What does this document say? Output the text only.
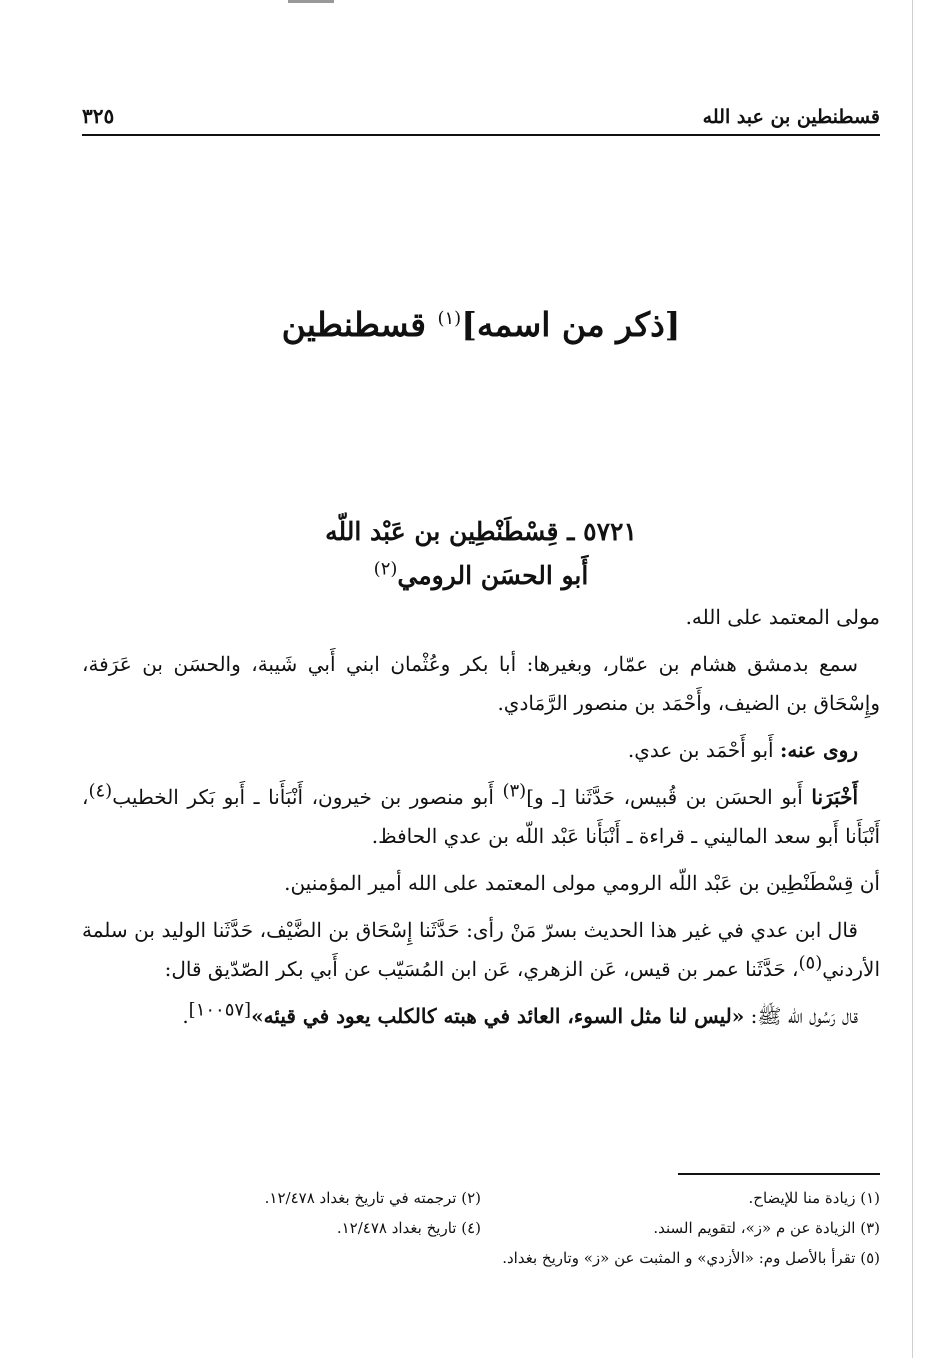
قسطنطين بن عبد الله
٣٢٥
[ذكر من اسمه]$^{(١)}$ قسطنطين
٥٧٢١ ـ قِسْطَنْطِين بن عَبْد اللّه
أَبو الحسَن الرومي$^{(٢)}$

مولى المعتمد على الله.

سمع بدمشق هشام بن عمّار، وبغيرها: أبا بكر وعُثْمان ابني أَبي شَيبة، والحسَن بن عَرَفة، وإِسْحَاق بن الضيف، وأَحْمَد بن منصور الرَّمَادي.

روى عنه: أَبو أَحْمَد بن عدي.

أَخْبَرَنا أَبو الحسَن بن قُبيس، حَدَّثَنا [ـ و](٣) أَبو منصور بن خيرون، أَنْبَأَنا ـ أَبو بَكر الخطيب(٤)، أَنْبَأَنا أَبو سعد الماليني ـ قراءة ـ أَنْبَأَنا عَبْد اللّه بن عدي الحافظ.

أن قِسْطَنْطِين بن عَبْد اللّه الرومي مولى المعتمد على الله أمير المؤمنين.

قال ابن عدي في غير هذا الحديث بسرّ مَنْ رأى: حَدَّثَنا إِسْحَاق بن الضَّيْف، حَدَّثَنا الوليد بن سلمة الأردني(٥)، حَدَّثَنا عمر بن قيس، عَن الزهري، عَن ابن المُسَيّب عن أَبي بكر الصّدّيق قال:

قال رَسُول الله ﷺ: «ليس لنا مثل السوء، العائد في هبته كالكلب يعود في قيئه»[١٠٠٥٧].

(١) زيادة منا للإيضاح.
(٢) ترجمته في تاريخ بغداد ١٢/٤٧٨.
(٣) الزيادة عن م «ز»، لتقويم السند.
(٤) تاريخ بغداد ١٢/٤٧٨.
(٥) تقرأ بالأصل وم: «الأزدي» و المثبت عن «ز» وتاريخ بغداد.
